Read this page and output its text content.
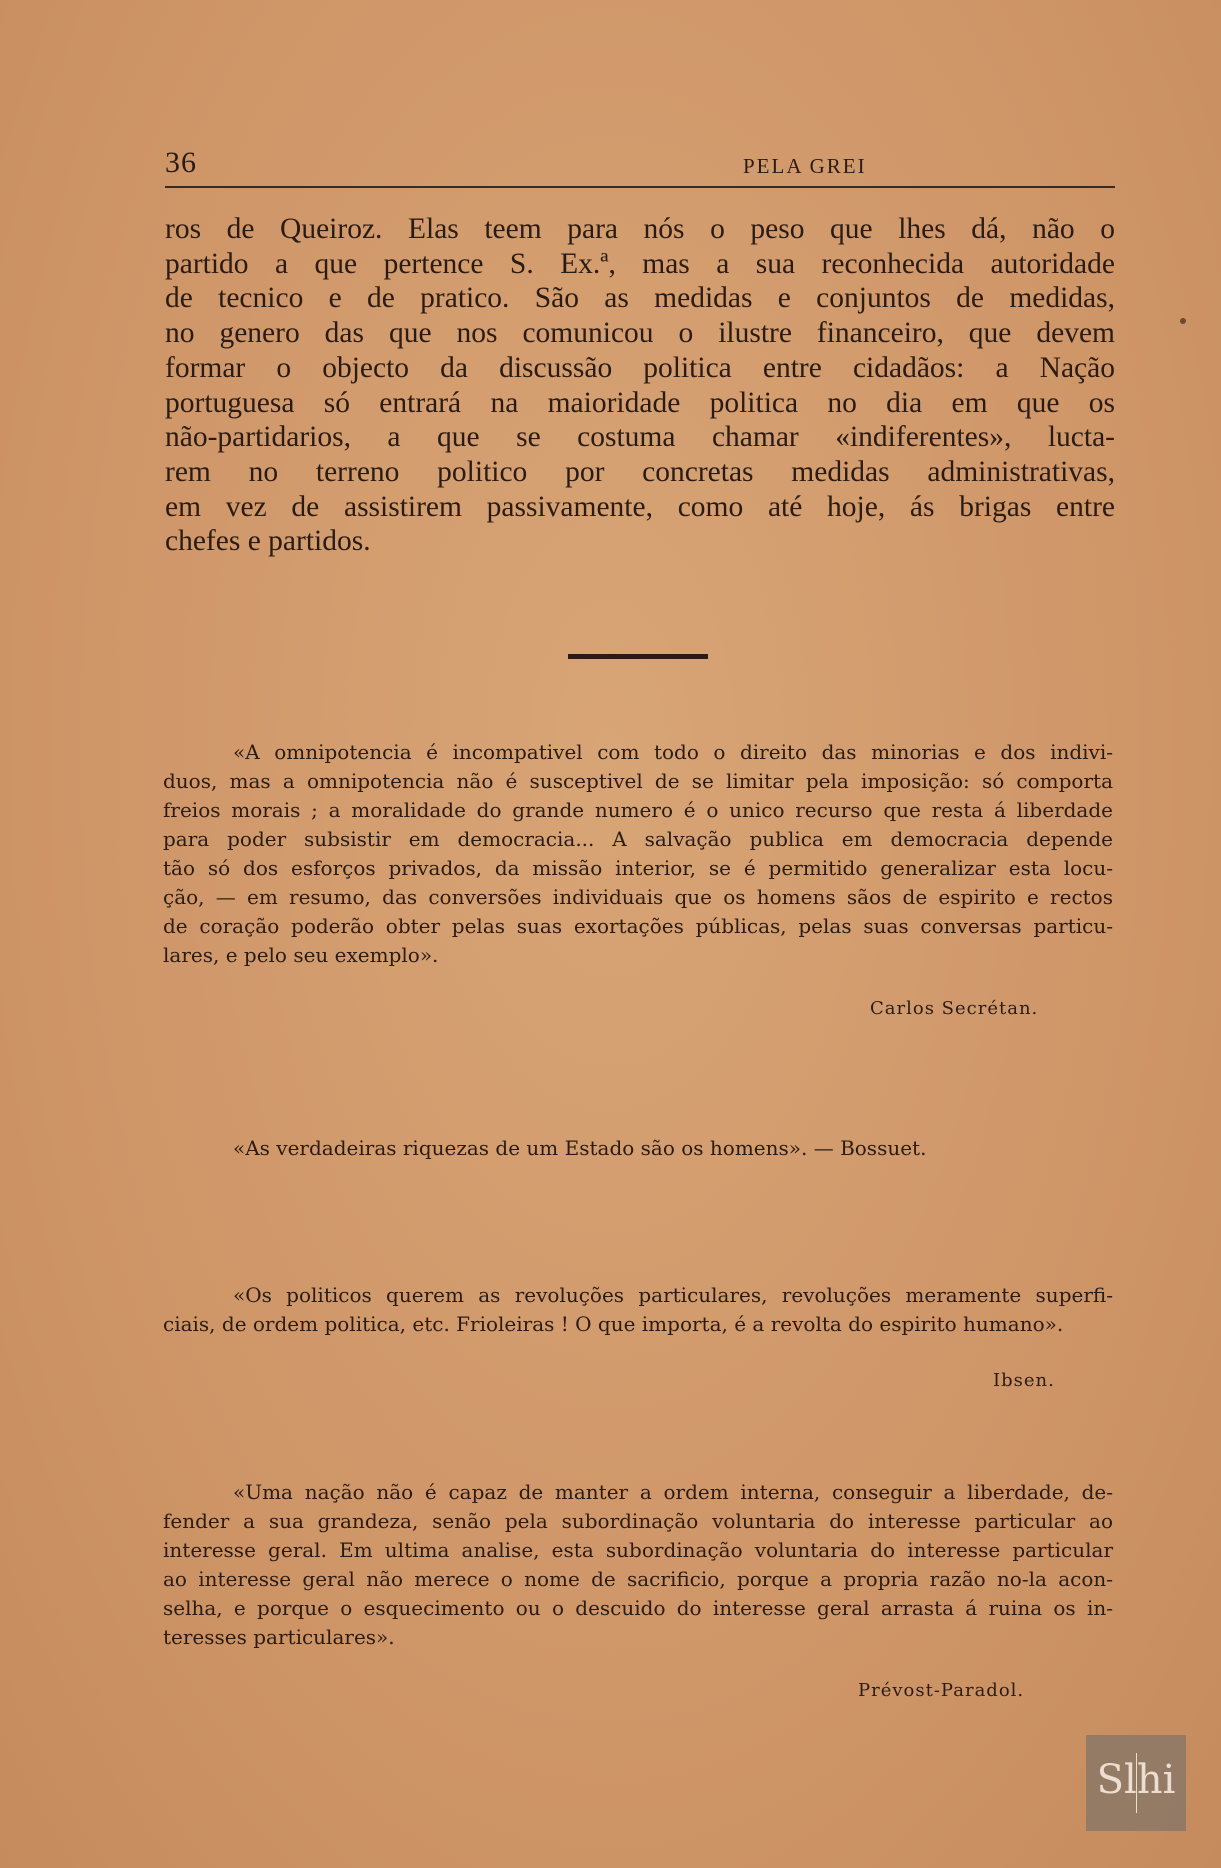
36	PELA GREI

ros de Queiroz. Elas teem para nós o peso que lhes dá, não o
partido a que pertence S. Ex.ª, mas a sua reconhecida autoridade
de tecnico e de pratico. São as medidas e conjuntos de medidas,
no genero das que nos comunicou o ilustre financeiro, que devem
formar o objecto da discussão politica entre cidadãos: a Nação
portuguesa só entrará na maioridade politica no dia em que os
não-partidarios, a que se costuma chamar «indiferentes», lucta-
rem no terreno politico por concretas medidas administrativas,
em vez de assistirem passivamente, como até hoje, ás brigas entre
chefes e partidos.

«A omnipotencia é incompativel com todo o direito das minorias e dos indivi-
duos, mas a omnipotencia não é susceptivel de se limitar pela imposição: só comporta
freios morais ; a moralidade do grande numero é o unico recurso que resta á liberdade
para poder subsistir em democracia... A salvação publica em democracia depende
tão só dos esforços privados, da missão interior, se é permitido generalizar esta locu-
ção, — em resumo, das conversões individuais que os homens sãos de espirito e rectos
de coração poderão obter pelas suas exortações públicas, pelas suas conversas particu-
lares, e pelo seu exemplo».

Carlos Secrétan.

«As verdadeiras riquezas de um Estado são os homens». — Bossuet.

«Os politicos querem as revoluções particulares, revoluções meramente superfi-
ciais, de ordem politica, etc. Frioleiras ! O que importa, é a revolta do espirito humano».

Ibsen.

«Uma nação não é capaz de manter a ordem interna, conseguir a liberdade, de-
fender a sua grandeza, senão pela subordinação voluntaria do interesse particular ao
interesse geral. Em ultima analise, esta subordinação voluntaria do interesse particular
ao interesse geral não merece o nome de sacrificio, porque a propria razão no-la acon-
selha, e porque o esquecimento ou o descuido do interesse geral arrasta á ruina os in-
teresses particulares».

Prévost-Paradol.
Slhi
